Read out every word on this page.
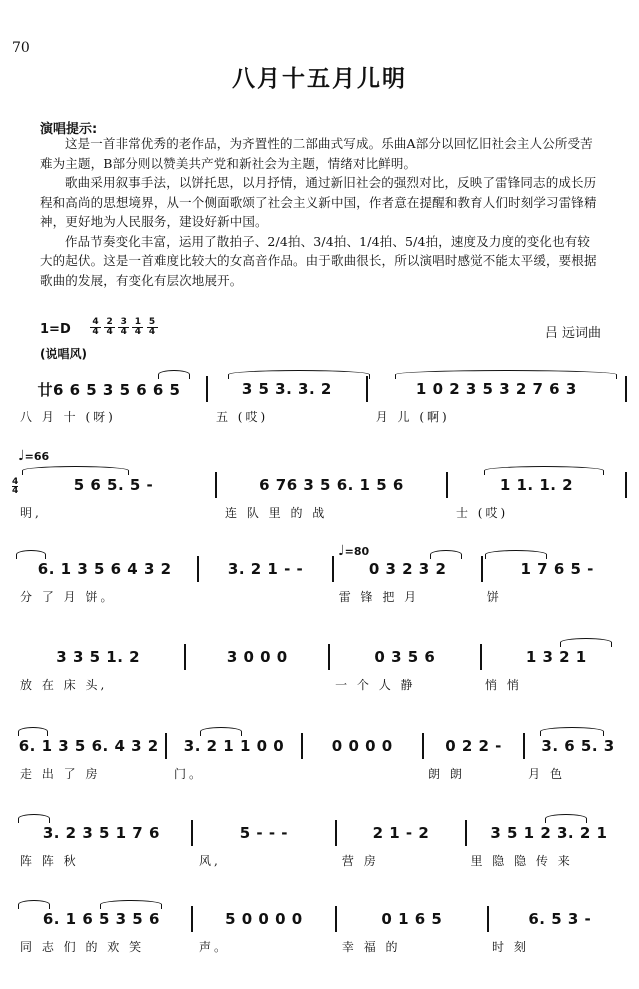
70
八月十五月儿明
演唱提示:

这是一首非常优秀的老作品，为齐置性的二部曲式写成。乐曲A部分以回忆旧社会主人公所受苦难为主题，B部分则以赞美共产党和新社会为主题，情绪对比鲜明。

歌曲采用叙事手法，以饼托思，以月抒情，通过新旧社会的强烈对比，反映了雷锋同志的成长历程和高尚的思想境界，从一个侧面歌颂了社会主义新中国，作者意在提醒和教育人们时刻学习雷锋精神，更好地为人民服务，建设好新中国。

作品节奏变化丰富，运用了散拍子、2/4拍、3/4拍、1/4拍、5/4拍，速度及力度的变化也有较大的起伏。这是一首难度比较大的女高音作品。由于歌曲很长，所以演唱时感觉不能太平缓，要根据歌曲的发展，有变化有层次地展开。

$1=D \frac{4}{4} \frac{2}{4} \frac{3}{4} \frac{1}{4} \frac{5}{4}$	吕 远词曲
(说唱风)
♩=66
♩=80
4
4
廿6 6 5 3 5 6 6 5	3 5 3. 3. 2	1 0 2 3 5 3 2 7 6 3
八 月 十 (呀)	五 (哎)	月 儿 (啊)
5 6 5. 5 -	6 76 3 5 6. 1 5 6	1 1. 1. 2
明,	连 队 里 的 战	士 (哎)
6. 1 3 5 6 4 3 2	3. 2 1 - -	0 3 2 3 2	1 7 6 5 -
分 了 月 饼。	雷 锋 把 月	饼
3 3 5 1. 2	3 0 0 0	0 3 5 6	1 3 2 1
放 在 床 头,	一 个 人 静	悄 悄
6. 1 3 5 6. 4 3 2	3. 2 1 1 0 0	0 0 0 0	0 2 2 -	3. 6 5. 3
走 出 了 房	门。	朗 朗	月 色
3. 2 3 5 1 7 6	5 - - -	2 1 - 2	3 5 1 2 3. 2 1
阵 阵 秋	风,	营 房	里 隐 隐 传 来
6. 1 6 5 3 5 6	5 0 0 0 0	0 1 6 5	6. 5 3 -
同 志 们 的 欢 笑	声。	幸 福 的	时 刻
